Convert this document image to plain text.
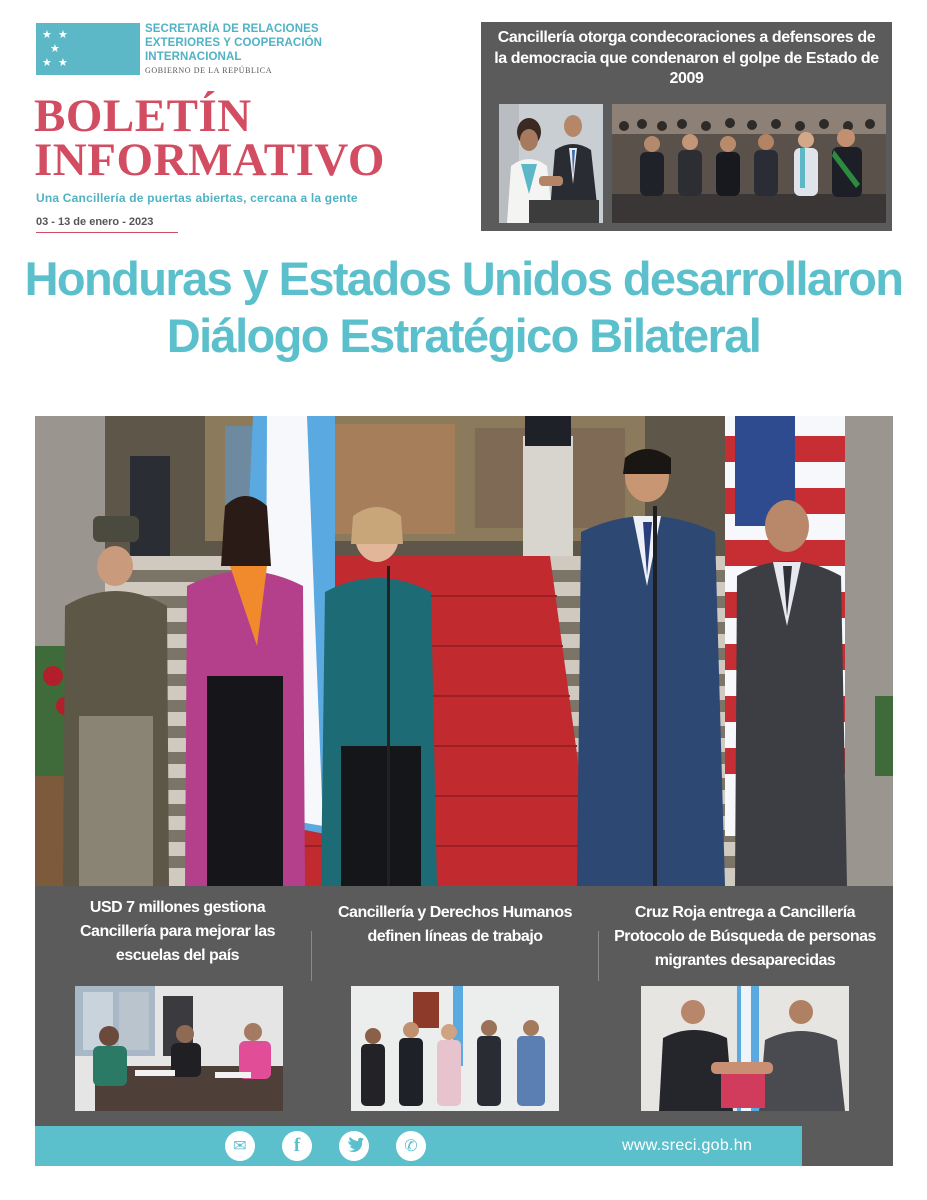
★ ★
★
★ ★ H	SECRETARÍA DE RELACIONES EXTERIORES Y COOPERACIÓN INTERNACIONAL
GOBIERNO DE LA REPÚBLICA
BOLETÍN
INFORMATIVO
Una Cancillería de puertas abiertas, cercana a la gente
03 - 13 de enero - 2023
Cancillería otorga condecoraciones a defensores de la democracia que condenaron el golpe de Estado de 2009
Honduras y Estados Unidos desarrollaron Diálogo Estratégico Bilateral
USD 7 millones gestiona Cancillería para mejorar las escuelas del país
Cancillería y Derechos Humanos definen líneas de trabajo
Cruz Roja entrega a Cancillería Protocolo de Búsqueda de personas migrantes desaparecidas
✉	f	✆	www.sreci.gob.hn
